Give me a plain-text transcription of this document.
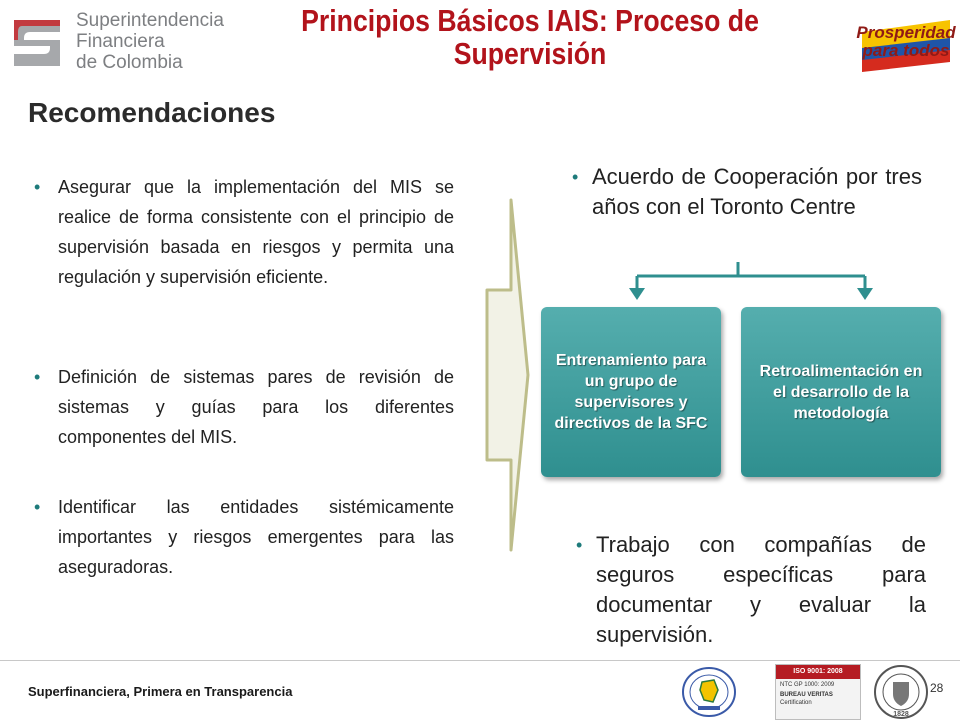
Superintendencia
Financiera
de Colombia
Principios Básicos IAIS: Proceso de
Supervisión
Prosperidad
para todos
Recomendaciones
• Asegurar que la implementación del MIS se realice de forma consistente con el principio de supervisión basada en riesgos y permita una regulación y supervisión eficiente.
• Definición de sistemas pares de revisión de sistemas y guías para los diferentes componentes del MIS.
• Identificar las entidades sistémicamente importantes y riesgos emergentes para las aseguradoras.
• Acuerdo de Cooperación por tres años con el Toronto Centre
Entrenamiento para un grupo de supervisores y directivos de la SFC
Retroalimentación en el desarrollo de la metodología
• Trabajo con compañías de seguros específicas para documentar y evaluar la supervisión.
Superfinanciera, Primera en Transparencia
ISO 9001: 2008
NTC GP 1000: 2009
BUREAU VERITAS
Certification
1828
28
